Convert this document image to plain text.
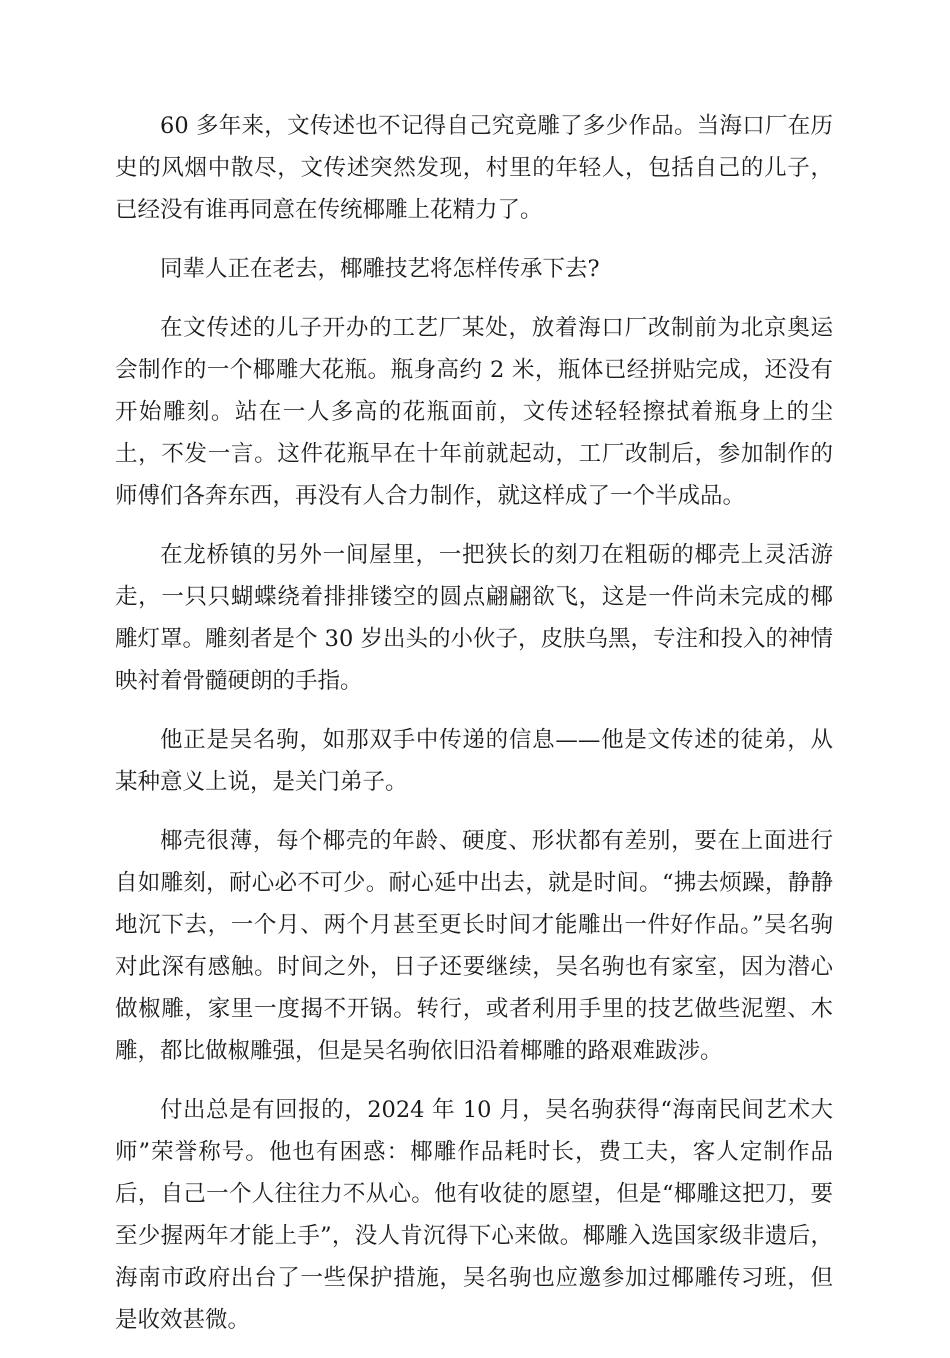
60 多年来，文传述也不记得自己究竟雕了多少作品。当海口厂在历史的风烟中散尽，文传述突然发现，村里的年轻人，包括自己的儿子，已经没有谁再同意在传统椰雕上花精力了。

同辈人正在老去，椰雕技艺将怎样传承下去?

在文传述的儿子开办的工艺厂某处，放着海口厂改制前为北京奥运会制作的一个椰雕大花瓶。瓶身高约 2 米，瓶体已经拼贴完成，还没有开始雕刻。站在一人多高的花瓶面前，文传述轻轻擦拭着瓶身上的尘土，不发一言。这件花瓶早在十年前就起动，工厂改制后，参加制作的师傅们各奔东西，再没有人合力制作，就这样成了一个半成品。

在龙桥镇的另外一间屋里，一把狭长的刻刀在粗砺的椰壳上灵活游走，一只只蝴蝶绕着排排镂空的圆点翩翩欲飞，这是一件尚未完成的椰雕灯罩。雕刻者是个 30 岁出头的小伙子，皮肤乌黑，专注和投入的神情映衬着骨髓硬朗的手指。

他正是吴名驹，如那双手中传递的信息——他是文传述的徒弟，从某种意义上说，是关门弟子。

椰壳很薄，每个椰壳的年龄、硬度、形状都有差别，要在上面进行自如雕刻，耐心必不可少。耐心延中出去，就是时间。“拂去烦躁，静静地沉下去，一个月、两个月甚至更长时间才能雕出一件好作品。”吴名驹对此深有感触。时间之外，日子还要继续，吴名驹也有家室，因为潜心做椒雕，家里一度揭不开锅。转行，或者利用手里的技艺做些泥塑、木雕，都比做椒雕强，但是吴名驹依旧沿着椰雕的路艰难跋涉。

付出总是有回报的，2024 年 10 月，吴名驹获得“海南民间艺术大师”荣誉称号。他也有困惑：椰雕作品耗时长，费工夫，客人定制作品后，自己一个人往往力不从心。他有收徒的愿望，但是“椰雕这把刀，要至少握两年才能上手”，没人肯沉得下心来做。椰雕入选国家级非遗后，海南市政府出台了一些保护措施，吴名驹也应邀参加过椰雕传习班，但是收效甚微。
